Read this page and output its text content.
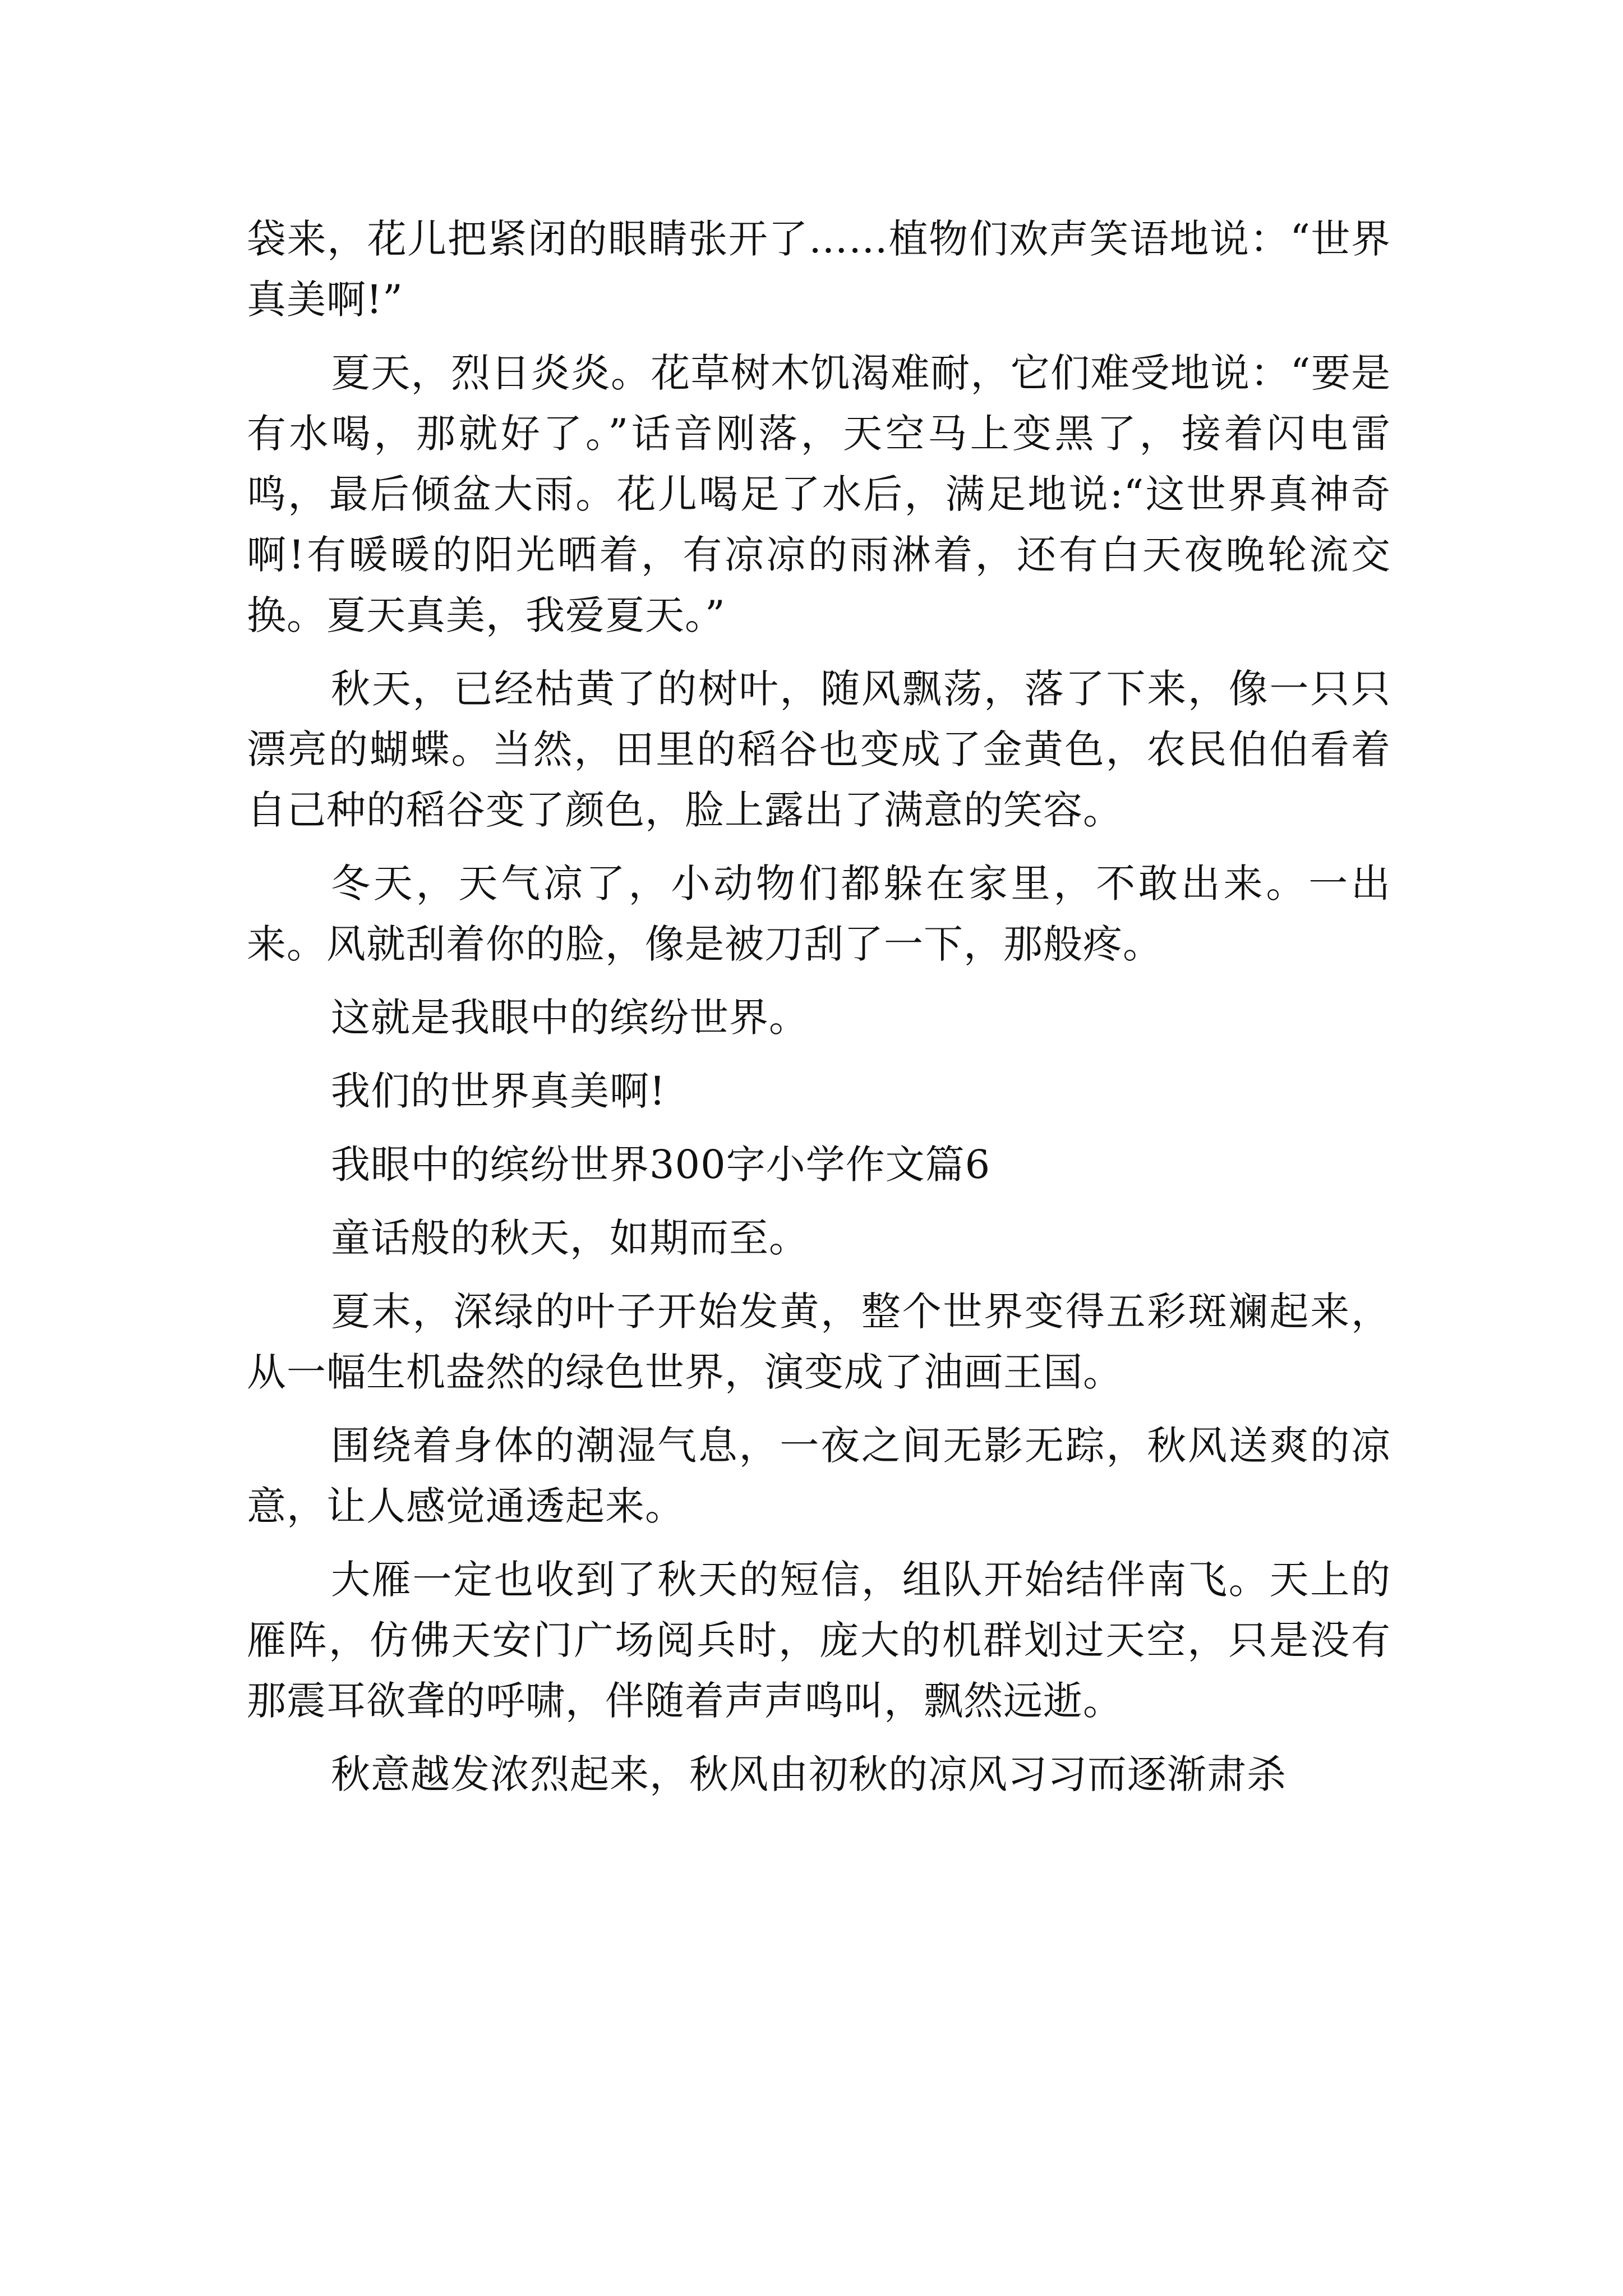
袋来，花儿把紧闭的眼睛张开了……植物们欢声笑语地说：“世界真美啊!”

夏天，烈日炎炎。花草树木饥渴难耐，它们难受地说：“要是有水喝，那就好了。”话音刚落，天空马上变黑了，接着闪电雷鸣，最后倾盆大雨。花儿喝足了水后，满足地说:“这世界真神奇啊!有暖暖的阳光晒着，有凉凉的雨淋着，还有白天夜晚轮流交换。夏天真美，我爱夏天。”

秋天，已经枯黄了的树叶，随风飘荡，落了下来，像一只只漂亮的蝴蝶。当然，田里的稻谷也变成了金黄色，农民伯伯看着自己种的稻谷变了颜色，脸上露出了满意的笑容。

冬天，天气凉了，小动物们都躲在家里，不敢出来。一出来。风就刮着你的脸，像是被刀刮了一下，那般疼。

这就是我眼中的缤纷世界。

我们的世界真美啊!

我眼中的缤纷世界300字小学作文篇6

童话般的秋天，如期而至。

夏末，深绿的叶子开始发黄，整个世界变得五彩斑斓起来，从一幅生机盎然的绿色世界，演变成了油画王国。

围绕着身体的潮湿气息，一夜之间无影无踪，秋风送爽的凉意，让人感觉通透起来。

大雁一定也收到了秋天的短信，组队开始结伴南飞。天上的雁阵，仿佛天安门广场阅兵时，庞大的机群划过天空，只是没有那震耳欲聋的呼啸，伴随着声声鸣叫，飘然远逝。

秋意越发浓烈起来，秋风由初秋的凉风习习而逐渐肃杀
